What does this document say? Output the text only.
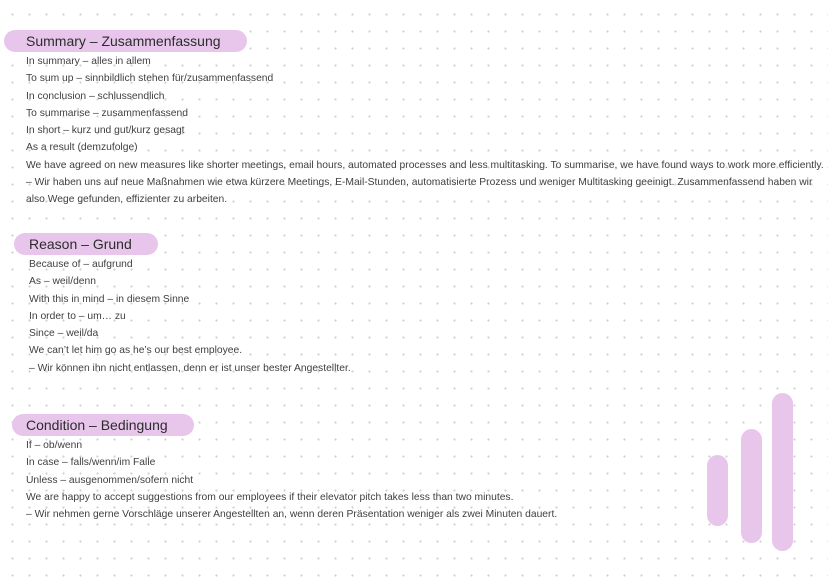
Summary – Zusammenfassung
In summary – alles in allem
To sum up – sinnbildlich stehen für/zusammenfassend
In conclusion – schlussendlich
To summarise – zusammenfassend
In short – kurz und gut/kurz gesagt
As a result (demzufolge)
We have agreed on new measures like shorter meetings, email hours, automated processes and less multitasking. To summarise, we have found ways to work more efficiently.
– Wir haben uns auf neue Maßnahmen wie etwa kürzere Meetings, E-Mail-Stunden, automatisierte Prozess und weniger Multitasking geeinigt. Zusammenfassend haben wir also Wege gefunden, effizienter zu arbeiten.
Reason – Grund
Because of – aufgrund
As – weil/denn
With this in mind – in diesem Sinne
In order to – um… zu
Since – weil/da
We can’t let him go as he’s our best employee.
– Wir können ihn nicht entlassen, denn er ist unser bester Angestellter.
Condition – Bedingung
If – ob/wenn
In case – falls/wenn/im Falle
Unless – ausgenommen/sofern nicht
We are happy to accept suggestions from our employees if their elevator pitch takes less than two minutes.
– Wir nehmen gerne Vorschläge unserer Angestellten an, wenn deren Präsentation weniger als zwei Minuten dauert.
